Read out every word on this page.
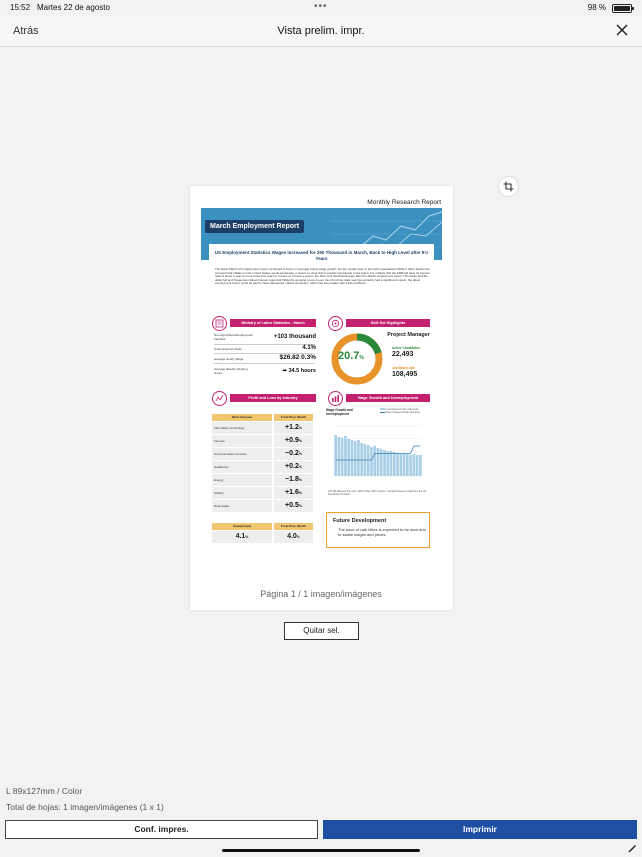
15:52 Martes 22 de agosto	•••	98 %
Atrás	Vista prelim. impr.
Monthly Research Report
March Employment Report
US Employment Statistics Wages Increased for 250 Thousand in March, Back to High Level after 9½ Years
The latest March US employment report continued to focus on average hourly wage growth, but the results were in line with expectations.While it didn't lead to the prospect that inflation in the United States would accelerate, it wasn't so clear that it wouldn't accelerate in the future It is unlikely that the FRB will raise its interest rates 3 times a year (2 more times this year) to 4 times or 2 times a year in the New York Stock Exchange after the March employment report, US stocks and the dollar fell and Treasuries rallied (interest rates fell) While the growing concern over the US-China trade war has certainly had a significant impact, the latest employment report could be said to have dampened market sentiment, which has been laden with trade problems.
Ministry of Labor Statistics - March
Non-Agricultural Employment Vehicles:	+103 thousand
Unemployment Rate:	4.1%
Average Hourly Wage:	$26.82 0.3%
Average Weekly Working Hours:	➡ 34.5 hours
Skill Set Highlights
Project Manager
20.7%
Active Candidates
22,493
Job Match Ads
108,495
Profit and Loss by Industry
Work Increase	From Prev. Month
Information technology	+1.2%
Finance	+0.9%
Communication services	−0.2%
Healthcare	+0.2%
Energy	−1.8%
Utilities	+1.6%
Real estate	+0.5%
Unemployed	From Prev. Month
4.1%	4.0%
Wage Growth and Unemployment
Wage Growth and Unemployment
Unemployment rate (right axis)
Rate of wage increase (left axis)
(NOTE) Data are from Jan. 2016 to Mar. 2018. Source: Compiled based on data from the US Department of Labor.
Future Development
The pace of rate hikes is expected to be slow due to stable wages and prices.
Página 1 / 1 imagen/imágenes
Quitar sel.
L 89x127mm / Color
Total de hojas: 1 imagen/imágenes (1 x 1)
Conf. impres.	Imprimir
